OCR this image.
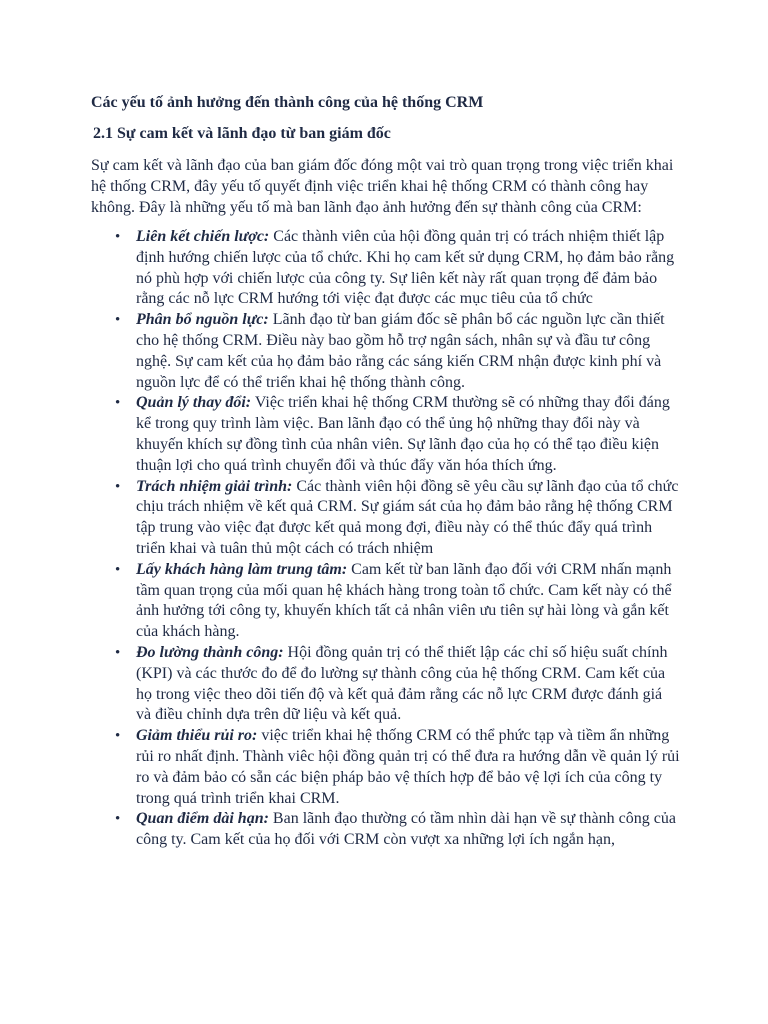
Các yếu tố ảnh hưởng đến thành công của hệ thống CRM
2.1 Sự cam kết và lãnh đạo từ ban giám đốc
Sự cam kết và lãnh đạo của ban giám đốc đóng một vai trò quan trọng trong việc triển khai hệ thống CRM, đây yếu tố quyết định việc triển khai hệ thống CRM có thành công hay không. Đây là những yếu tố mà ban lãnh đạo ảnh hưởng đến sự thành công của CRM:
• Liên kết chiến lược: Các thành viên của hội đồng quản trị có trách nhiệm thiết lập định hướng chiến lược của tổ chức. Khi họ cam kết sử dụng CRM, họ đảm bảo rằng nó phù hợp với chiến lược của công ty. Sự liên kết này rất quan trọng để đảm bảo rằng các nỗ lực CRM hướng tới việc đạt được các mục tiêu của tổ chức
• Phân bổ nguồn lực: Lãnh đạo từ ban giám đốc sẽ phân bổ các nguồn lực cần thiết cho hệ thống CRM. Điều này bao gồm hỗ trợ ngân sách, nhân sự và đầu tư công nghệ. Sự cam kết của họ đảm bảo rằng các sáng kiến CRM nhận được kinh phí và nguồn lực để có thể triển khai hệ thống thành công.
• Quản lý thay đổi: Việc triển khai hệ thống CRM thường sẽ có những thay đổi đáng kể trong quy trình làm việc. Ban lãnh đạo có thể ủng hộ những thay đổi này và khuyến khích sự đồng tình của nhân viên. Sự lãnh đạo của họ có thể tạo điều kiện thuận lợi cho quá trình chuyển đổi và thúc đẩy văn hóa thích ứng.
• Trách nhiệm giải trình: Các thành viên hội đồng sẽ yêu cầu sự lãnh đạo của tổ chức chịu trách nhiệm về kết quả CRM. Sự giám sát của họ đảm bảo rằng hệ thống CRM tập trung vào việc đạt được kết quả mong đợi, điều này có thể thúc đẩy quá trình triển khai và tuân thủ một cách có trách nhiệm
• Lấy khách hàng làm trung tâm: Cam kết từ ban lãnh đạo đối với CRM nhấn mạnh tầm quan trọng của mối quan hệ khách hàng trong toàn tổ chức. Cam kết này có thể ảnh hưởng tới công ty, khuyến khích tất cả nhân viên ưu tiên sự hài lòng và gắn kết của khách hàng.
• Đo lường thành công: Hội đồng quản trị có thể thiết lập các chỉ số hiệu suất chính (KPI) và các thước đo để đo lường sự thành công của hệ thống CRM. Cam kết của họ trong việc theo dõi tiến độ và kết quả đảm rằng các nỗ lực CRM được đánh giá và điều chỉnh dựa trên dữ liệu và kết quả.
• Giảm thiểu rủi ro: việc triển khai hệ thống CRM có thể phức tạp và tiềm ẩn những rủi ro nhất định. Thành viêc hội đồng quản trị có thể đưa ra hướng dẫn về quản lý rủi ro và đảm bảo có sẵn các biện pháp bảo vệ thích hợp để bảo vệ lợi ích của công ty trong quá trình triển khai CRM.
• Quan điểm dài hạn: Ban lãnh đạo thường có tầm nhìn dài hạn về sự thành công của công ty. Cam kết của họ đối với CRM còn vượt xa những lợi ích ngắn hạn,
